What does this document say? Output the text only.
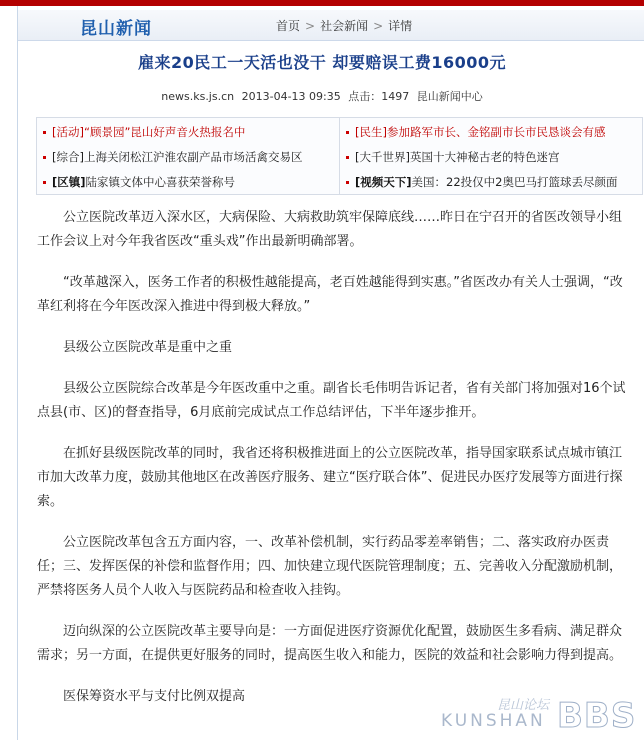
昆山新闻	首页 > 社会新闻 > 详情
雇来20民工一天活也没干 却要赔误工费16000元
news.ks.js.cn 2013-04-13 09:35 点击：1497 昆山新闻中心
[活动]“顾景园”昆山好声音火热报名中
[综合]上海关闭松江沪淮农副产品市场活禽交易区
[区镇]陆家镇文体中心喜获荣誉称号
[民生]参加路军市长、金铭副市长市民恳谈会有感
[大千世界]英国十大神秘古老的特色迷宫
[视频天下]美国：22投仅中2奥巴马打篮球丢尽颜面

公立医院改革迈入深水区，大病保险、大病救助筑牢保障底线……昨日在宁召开的省医改领导小组工作会议上对今年我省医改“重头戏”作出最新明确部署。

“改革越深入，医务工作者的积极性越能提高，老百姓越能得到实惠。”省医改办有关人士强调，“改革红利将在今年医改深入推进中得到极大释放。”

县级公立医院改革是重中之重

县级公立医院综合改革是今年医改重中之重。副省长毛伟明告诉记者，省有关部门将加强对16个试点县(市、区)的督查指导，6月底前完成试点工作总结评估，下半年逐步推开。

在抓好县级医院改革的同时，我省还将积极推进面上的公立医院改革，指导国家联系试点城市镇江市加大改革力度，鼓励其他地区在改善医疗服务、建立“医疗联合体”、促进民办医疗发展等方面进行探索。

公立医院改革包含五方面内容，一、改革补偿机制，实行药品零差率销售；二、落实政府办医责任；三、发挥医保的补偿和监督作用；四、加快建立现代医院管理制度；五、完善收入分配激励机制，严禁将医务人员个人收入与医院药品和检查收入挂钩。

迈向纵深的公立医院改革主要导向是：一方面促进医疗资源优化配置，鼓励医生多看病、满足群众需求；另一方面，在提供更好服务的同时，提高医生收入和能力，医院的效益和社会影响力得到提高。

医保筹资水平与支付比例双提高

昆山论坛
KUNSHAN BBS
